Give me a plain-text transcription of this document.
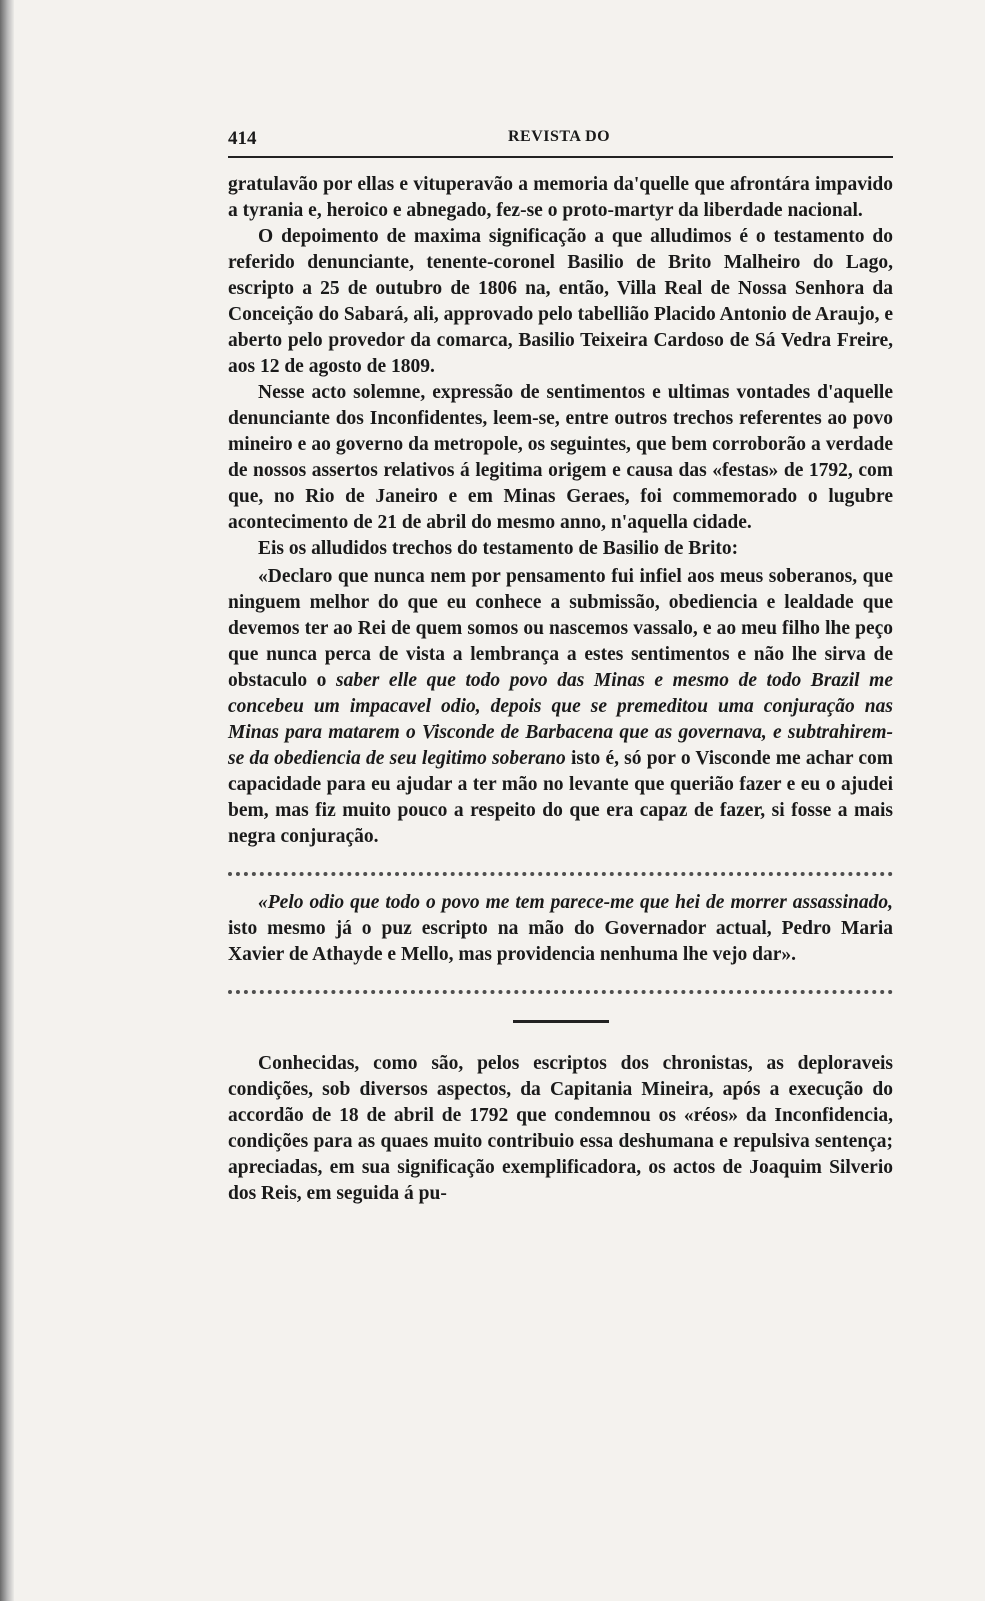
414	REVISTA DO

gratulavão por ellas e vituperavão a memoria da'quelle que afrontára impavido a tyrania e, heroico e abnegado, fez-se o proto-martyr da liberdade nacional.

O depoimento de maxima significação a que alludimos é o testamento do referido denunciante, tenente-coronel Basilio de Brito Malheiro do Lago, escripto a 25 de outubro de 1806 na, então, Villa Real de Nossa Senhora da Conceição do Sabará, ali, approvado pelo tabellião Placido Antonio de Araujo, e aberto pelo provedor da comarca, Basilio Teixeira Cardoso de Sá Vedra Freire, aos 12 de agosto de 1809.

Nesse acto solemne, expressão de sentimentos e ultimas vontades d'aquelle denunciante dos Inconfidentes, leem-se, entre outros trechos referentes ao povo mineiro e ao governo da metropole, os seguintes, que bem corroborão a verdade de nossos assertos relativos á legitima origem e causa das «festas» de 1792, com que, no Rio de Janeiro e em Minas Geraes, foi commemorado o lugubre acontecimento de 21 de abril do mesmo anno, n'aquella cidade.

Eis os alludidos trechos do testamento de Basilio de Brito:

«Declaro que nunca nem por pensamento fui infiel aos meus soberanos, que ninguem melhor do que eu conhece a submissão, obediencia e lealdade que devemos ter ao Rei de quem somos ou nascemos vassalo, e ao meu filho lhe peço que nunca perca de vista a lembrança a estes sentimentos e não lhe sirva de obstaculo o saber elle que todo povo das Minas e mesmo de todo Brazil me concebeu um impacavel odio, depois que se premeditou uma conjuração nas Minas para matarem o Visconde de Barbacena que as governava, e subtrahirem-se da obediencia de seu legitimo soberano isto é, só por o Visconde me achar com capacidade para eu ajudar a ter mão no levante que querião fazer e eu o ajudei bem, mas fiz muito pouco a respeito do que era capaz de fazer, si fosse a mais negra conjuração.

«Pelo odio que todo o povo me tem parece-me que hei de morrer assassinado, isto mesmo já o puz escripto na mão do Governador actual, Pedro Maria Xavier de Athayde e Mello, mas providencia nenhuma lhe vejo dar».

Conhecidas, como são, pelos escriptos dos chronistas, as deploraveis condições, sob diversos aspectos, da Capitania Mineira, após a execução do accordão de 18 de abril de 1792 que condemnou os «réos» da Inconfidencia, condições para as quaes muito contribuio essa deshumana e repulsiva sentença; apreciadas, em sua significação exemplificadora, os actos de Joaquim Silverio dos Reis, em seguida á pu-
